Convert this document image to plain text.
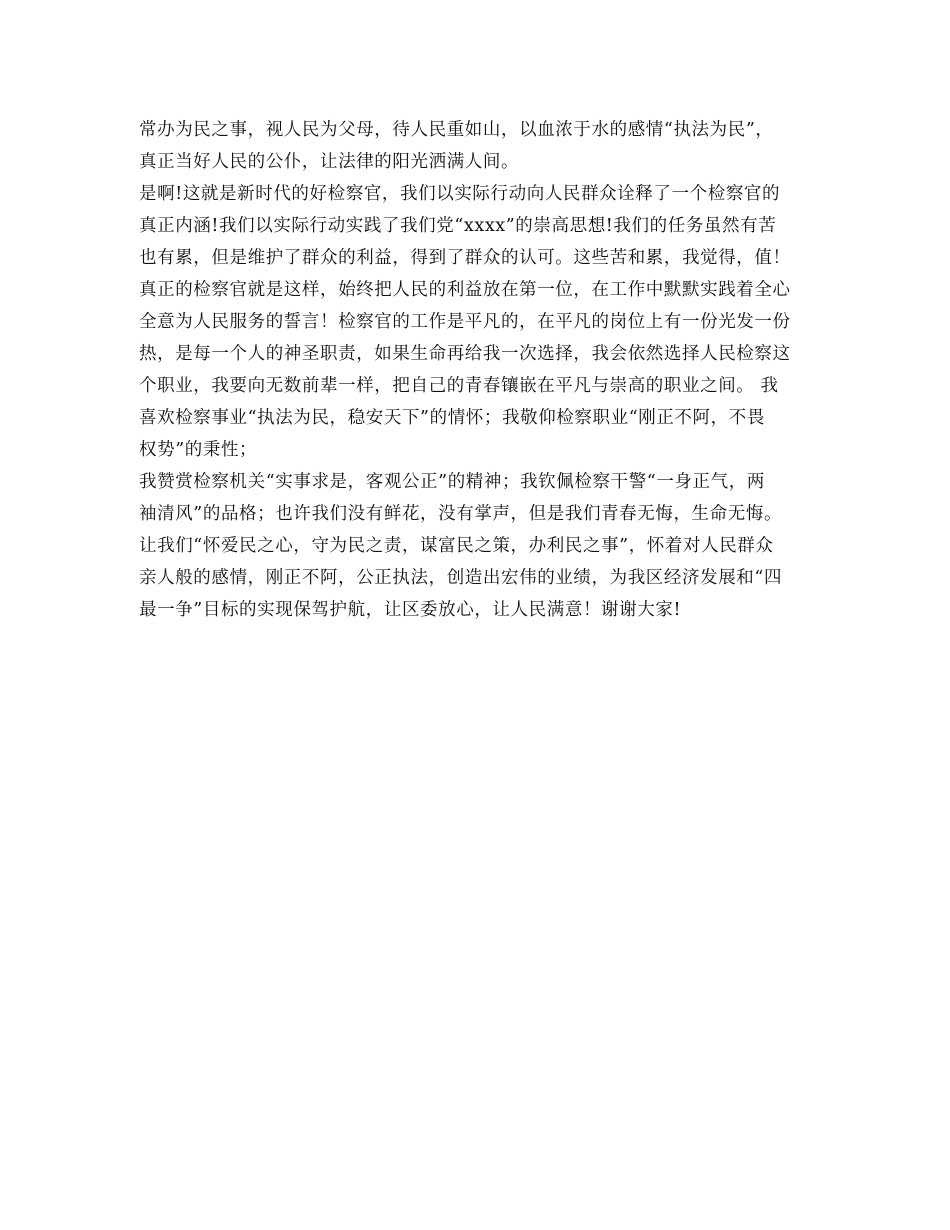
常办为民之事，视人民为父母，待人民重如山，以血浓于水的感情“执法为民”，
真正当好人民的公仆，让法律的阳光洒满人间。
是啊!这就是新时代的好检察官，我们以实际行动向人民群众诠释了一个检察官的
真正内涵!我们以实际行动实践了我们党“xxxx”的崇高思想!我们的任务虽然有苦
也有累，但是维护了群众的利益，得到了群众的认可。这些苦和累，我觉得，值！
真正的检察官就是这样，始终把人民的利益放在第一位，在工作中默默实践着全心
全意为人民服务的誓言！检察官的工作是平凡的，在平凡的岗位上有一份光发一份
热，是每一个人的神圣职责，如果生命再给我一次选择，我会依然选择人民检察这
个职业，我要向无数前辈一样，把自己的青春镶嵌在平凡与崇高的职业之间。 我
喜欢检察事业“执法为民，稳安天下”的情怀；我敬仰检察职业“刚正不阿，不畏
权势”的秉性；
我赞赏检察机关“实事求是，客观公正”的精神；我钦佩检察干警“一身正气，两
袖清风”的品格；也许我们没有鲜花，没有掌声，但是我们青春无悔，生命无悔。
让我们“怀爱民之心，守为民之责，谋富民之策，办利民之事”，怀着对人民群众
亲人般的感情，刚正不阿，公正执法，创造出宏伟的业绩，为我区经济发展和“四
最一争”目标的实现保驾护航，让区委放心，让人民满意！谢谢大家!
